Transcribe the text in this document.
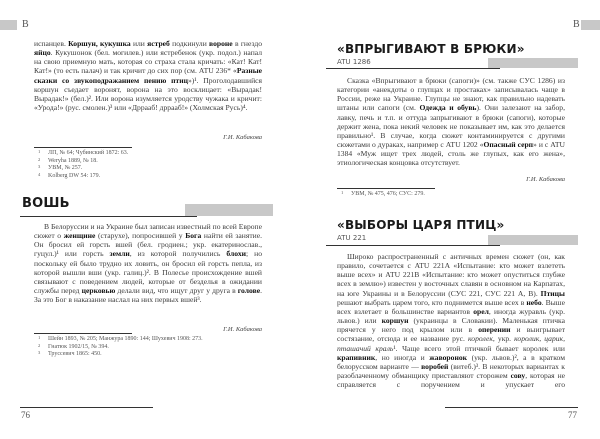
В
испанцев. Коршун, кукушка или ястреб подкинули вороне в гнездо яйцо. Кукушонок (бел. могилев.) или ястребенок (укр. подол.) напал на свою приемную мать, которая со страха стала кричать: «Кат! Кат! Кат!» (то есть палач) и так кричит до сих пор (см. ATU 236* «Разные сказки со звукоподражанием пению птиц»)¹. Проголодавшийся коршун съедает воронят, ворона на это восклицает: «Вырадак! Вырадак!» (бел.)². Или ворона изумляется уродству чужака и кричит: «Урода!» (рус. смолен.)³ или «Дррааб! дррааб!» (Холмская Русь)⁴.
Г.И. Кабакова
1 ЛП, № 64; Чубинский 1872: 63.
2 Weryha 1889, № 18.
3 УВМ, № 257.
4 Kolberg DW 54: 179.
ВОШЬ
В Белоруссии и на Украине был записан известный по всей Европе сюжет о женщине (старухе), попросившей у Бога найти ей занятие. Он бросил ей горсть вшей (бел. гродиен.; укр. екатеринослав., гуцул.)¹ или горсть земли, из которой получились блохи; но поскольку ей было трудно их ловить, он бросил ей горсть пепла, из которой вышли вши (укр. галиц.)². В Полесье происхождение вшей связывают с поведением людей, которые от безделья в ожидании службы перед церковью делали вид, что ищут друг у друга в голове. За это Бог в наказание наслал на них первых вшей³.
Г.И. Кабакова
1 Шейн 1893, № 205; Манжура 1890: 144; Шухевич 1908: 273.
2 Гнатюк 1902/15, № 394.
3 Труссевич 1865: 450.
76
В
«ВПРЫГИВАЮТ В БРЮКИ»
ATU 1286
Сказка «Впрыгивают в брюки (сапоги)» (см. также СУС 1286) из категории «анекдоты о глупцах и простаках» записывалась чаще в России, реже на Украине. Глупцы не знают, как правильно надевать штаны или сапоги (см. Одежда и обувь). Они залезают на забор, лавку, печь и т.п. и оттуда запрыгивают в брюки (сапоги), которые держит жена, пока некий человек не показывает им, как это делается правильно¹. В случае, когда сюжет контаминируется с другими сюжетами о дураках, например с ATU 1202 «Опасный серп» и с ATU 1384 «Муж ищет трех людей, столь же глупых, как его жена», этиологическая концовка отсутствует.
Г.И. Кабакова
1 УВМ, № 475, 476; СУС: 279.
«ВЫБОРЫ ЦАРЯ ПТИЦ»
ATU 221
Широко распространенный с античных времен сюжет (он, как правило, сочетается с ATU 221A «Испытание: кто может взлететь выше всех» и ATU 221B «Испытание: кто может опуститься глубже всех в землю») известен у восточных славян в основном на Карпатах, на юге Украины и в Белоруссии (СУС 221, СУС 221 А, В). Птицы решают выбрать царем того, кто поднимется выше всех в небо. Выше всех взлетает в большинстве вариантов орел, иногда журавль (укр. львов.) или коршун (украинцы в Словакии). Маленькая птичка прячется у него под крылом или в оперении и выигрывает состязание, отсюда и ее название рус. королек, укр. королик, царик, пташачий краль¹. Чаще всего этой птичкой бывает королек или крапивник, но иногда и жаворонок (укр. львов.)², а в кратком белорусском варианте — воробей (витеб.)³. В некоторых вариантах к разоблаченному обманщику приставляют сторожем сову, которая не справляется с поручением и упускает его
77
